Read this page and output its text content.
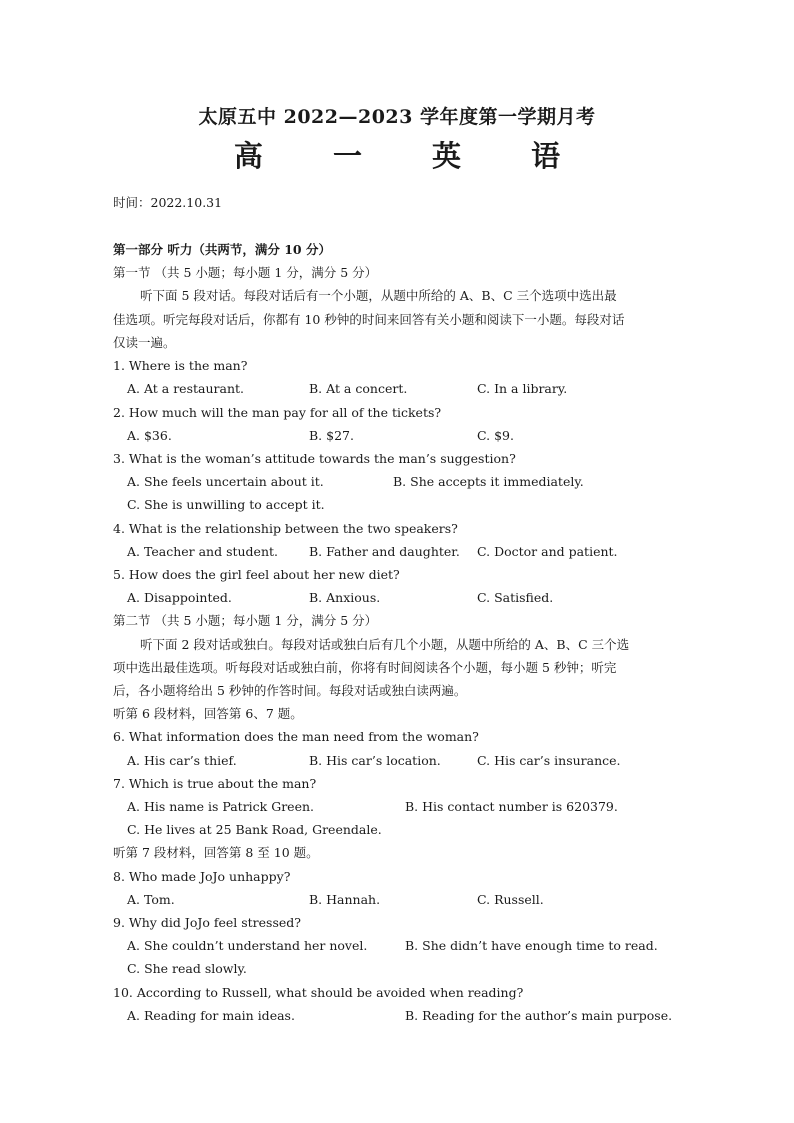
太原五中 2022—2023 学年度第一学期月考
高 一 英 语
时间：2022.10.31
第一部分 听力（共两节，满分 10 分）
第一节 （共 5 小题；每小题 1 分，满分 5 分）
听下面 5 段对话。每段对话后有一个小题，从题中所给的 A、B、C 三个选项中选出最
佳选项。听完每段对话后，你都有 10 秒钟的时间来回答有关小题和阅读下一小题。每段对话
仅读一遍。
1. Where is the man?
A. At a restaurant.	B. At a concert.	C. In a library.
2. How much will the man pay for all of the tickets?
A. $36.	B. $27.	C. $9.
3. What is the woman’s attitude towards the man’s suggestion?
A. She feels uncertain about it.	B. She accepts it immediately.
C. She is unwilling to accept it.
4. What is the relationship between the two speakers?
A. Teacher and student. B. Father and daughter. C. Doctor and patient.
5. How does the girl feel about her new diet?
A. Disappointed.	B. Anxious.	C. Satisfied.
第二节 （共 5 小题；每小题 1 分，满分 5 分）
听下面 2 段对话或独白。每段对话或独白后有几个小题，从题中所给的 A、B、C 三个选
项中选出最佳选项。听每段对话或独白前，你将有时间阅读各个小题，每小题 5 秒钟；听完
后，各小题将给出 5 秒钟的作答时间。每段对话或独白读两遍。
听第 6 段材料，回答第 6、7 题。
6. What information does the man need from the woman?
A. His car’s thief.	B. His car’s location.	C. His car’s insurance.
7. Which is true about the man?
A. His name is Patrick Green.	B. His contact number is 620379.
C. He lives at 25 Bank Road, Greendale.
听第 7 段材料，回答第 8 至 10 题。
8. Who made JoJo unhappy?
A. Tom.	B. Hannah.	C. Russell.
9. Why did JoJo feel stressed?
A. She couldn’t understand her novel.	B. She didn’t have enough time to read.
C. She read slowly.
10. According to Russell, what should be avoided when reading?
A. Reading for main ideas.	B. Reading for the author’s main purpose.
